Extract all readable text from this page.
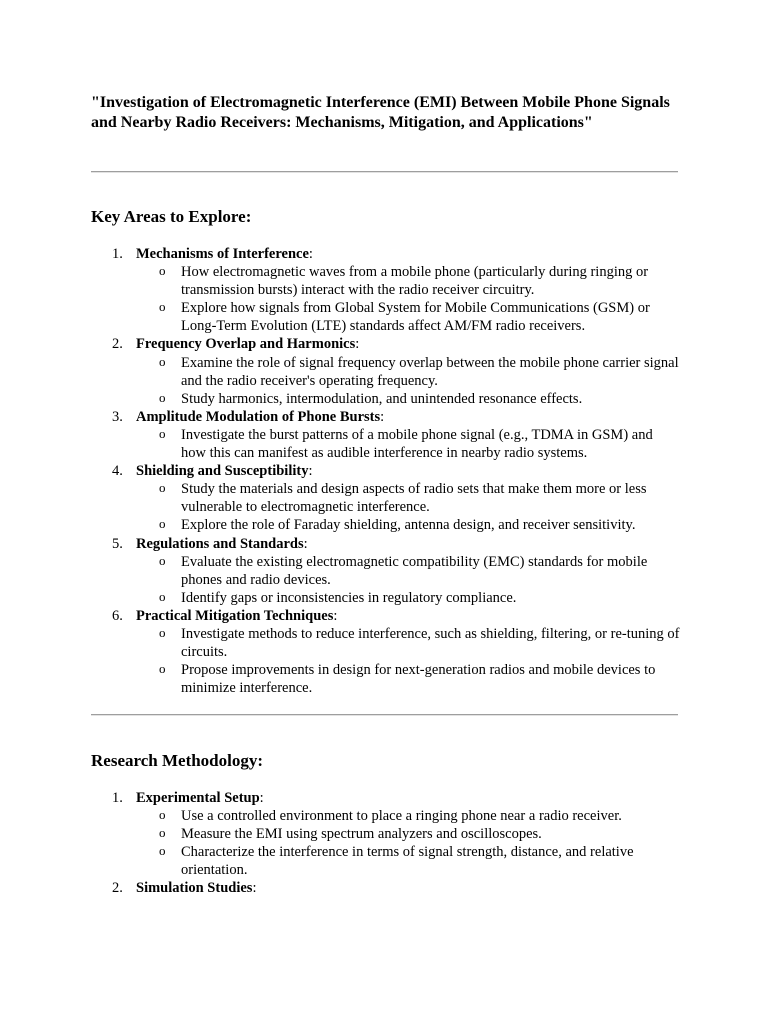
"Investigation of Electromagnetic Interference (EMI) Between Mobile Phone Signals and Nearby Radio Receivers: Mechanisms, Mitigation, and Applications"
Key Areas to Explore:
1. Mechanisms of Interference:
o How electromagnetic waves from a mobile phone (particularly during ringing or transmission bursts) interact with the radio receiver circuitry.
o Explore how signals from Global System for Mobile Communications (GSM) or Long-Term Evolution (LTE) standards affect AM/FM radio receivers.
2. Frequency Overlap and Harmonics:
o Examine the role of signal frequency overlap between the mobile phone carrier signal and the radio receiver's operating frequency.
o Study harmonics, intermodulation, and unintended resonance effects.
3. Amplitude Modulation of Phone Bursts:
o Investigate the burst patterns of a mobile phone signal (e.g., TDMA in GSM) and how this can manifest as audible interference in nearby radio systems.
4. Shielding and Susceptibility:
o Study the materials and design aspects of radio sets that make them more or less vulnerable to electromagnetic interference.
o Explore the role of Faraday shielding, antenna design, and receiver sensitivity.
5. Regulations and Standards:
o Evaluate the existing electromagnetic compatibility (EMC) standards for mobile phones and radio devices.
o Identify gaps or inconsistencies in regulatory compliance.
6. Practical Mitigation Techniques:
o Investigate methods to reduce interference, such as shielding, filtering, or re-tuning of circuits.
o Propose improvements in design for next-generation radios and mobile devices to minimize interference.
Research Methodology:
1. Experimental Setup:
o Use a controlled environment to place a ringing phone near a radio receiver.
o Measure the EMI using spectrum analyzers and oscilloscopes.
o Characterize the interference in terms of signal strength, distance, and relative orientation.
2. Simulation Studies:
